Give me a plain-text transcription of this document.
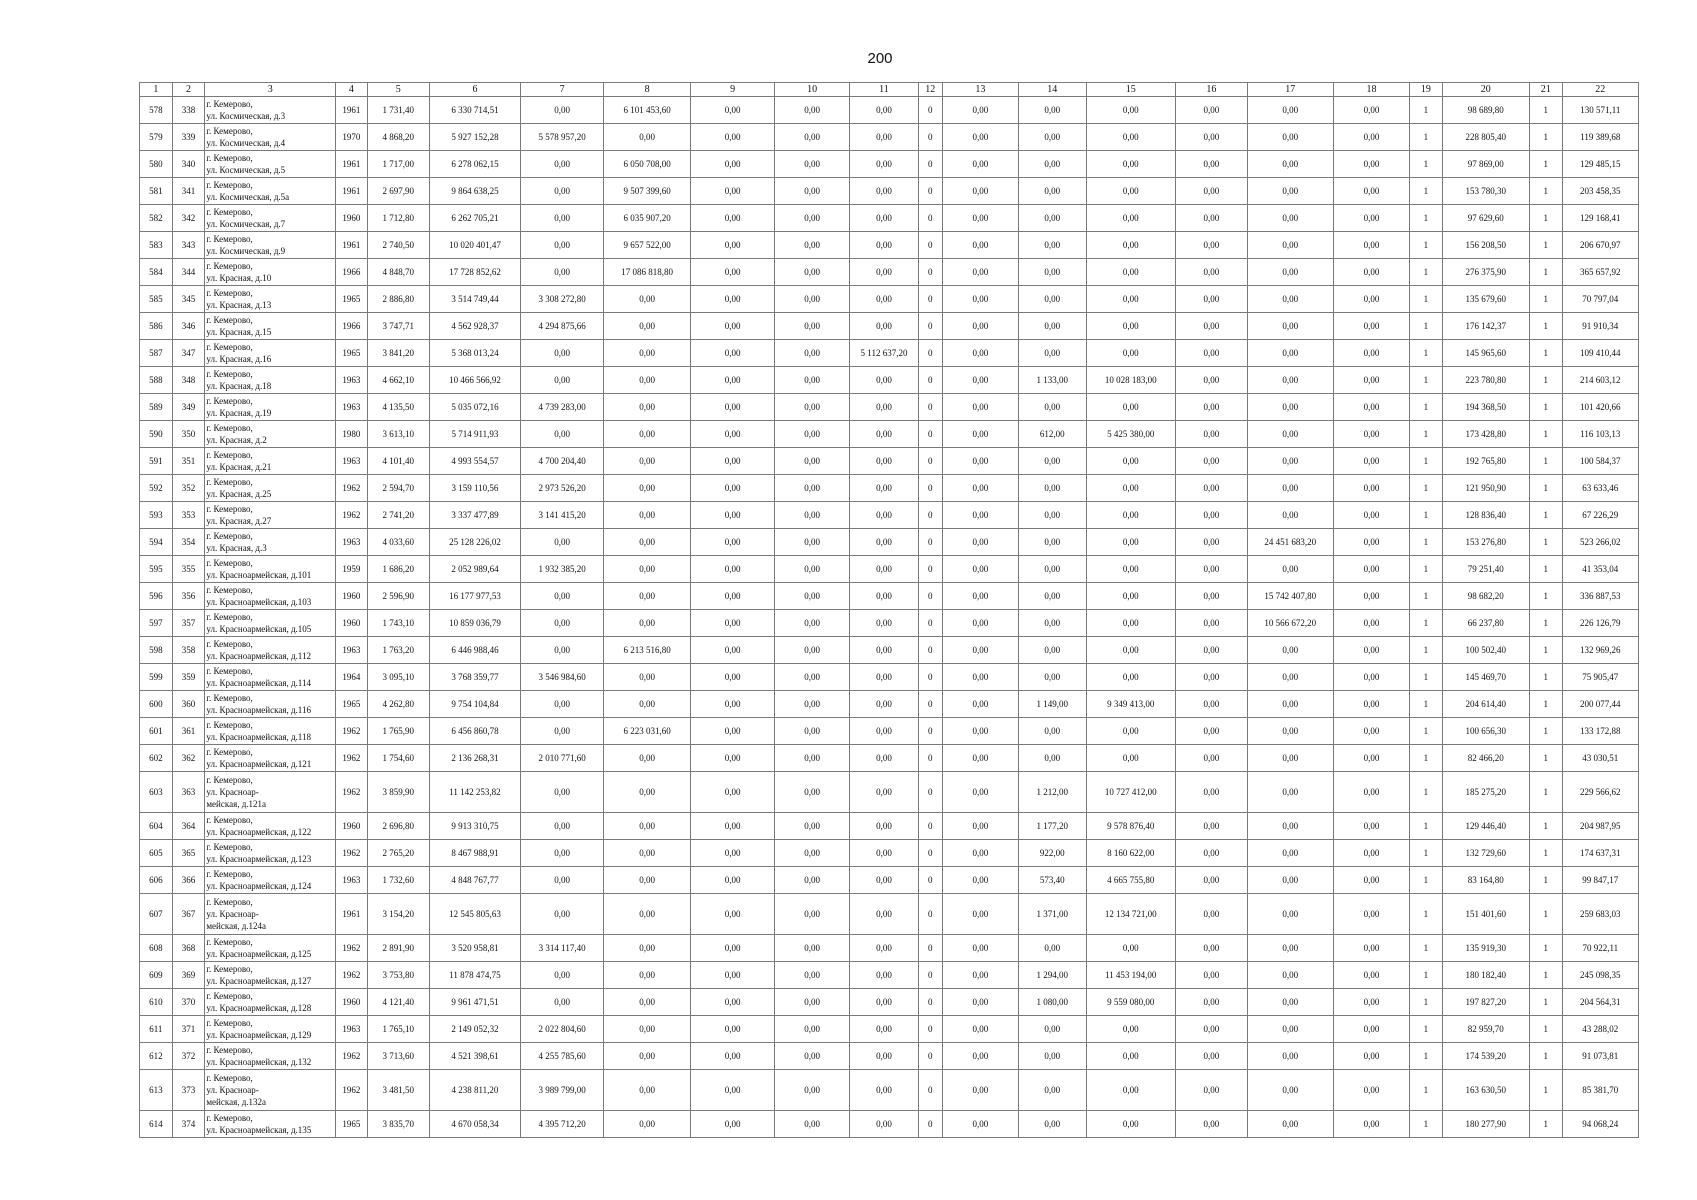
200
1	2	3	4	5	6	7	8	9	10	11	12	13	14	15	16	17	18	19	20	21	22
578	338	г. Кемерово,
ул. Космическая, д.3	1961	1 731,40	6 330 714,51	0,00	6 101 453,60	0,00	0,00	0,00	0	0,00	0,00	0,00	0,00	0,00	0,00	1	98 689,80	1	130 571,11
579	339	г. Кемерово,
ул. Космическая, д.4	1970	4 868,20	5 927 152,28	5 578 957,20	0,00	0,00	0,00	0,00	0	0,00	0,00	0,00	0,00	0,00	0,00	1	228 805,40	1	119 389,68
580	340	г. Кемерово,
ул. Космическая, д.5	1961	1 717,00	6 278 062,15	0,00	6 050 708,00	0,00	0,00	0,00	0	0,00	0,00	0,00	0,00	0,00	0,00	1	97 869,00	1	129 485,15
581	341	г. Кемерово,
ул. Космическая, д.5а	1961	2 697,90	9 864 638,25	0,00	9 507 399,60	0,00	0,00	0,00	0	0,00	0,00	0,00	0,00	0,00	0,00	1	153 780,30	1	203 458,35
582	342	г. Кемерово,
ул. Космическая, д.7	1960	1 712,80	6 262 705,21	0,00	6 035 907,20	0,00	0,00	0,00	0	0,00	0,00	0,00	0,00	0,00	0,00	1	97 629,60	1	129 168,41
583	343	г. Кемерово,
ул. Космическая, д.9	1961	2 740,50	10 020 401,47	0,00	9 657 522,00	0,00	0,00	0,00	0	0,00	0,00	0,00	0,00	0,00	0,00	1	156 208,50	1	206 670,97
584	344	г. Кемерово,
ул. Красная, д.10	1966	4 848,70	17 728 852,62	0,00	17 086 818,80	0,00	0,00	0,00	0	0,00	0,00	0,00	0,00	0,00	0,00	1	276 375,90	1	365 657,92
585	345	г. Кемерово,
ул. Красная, д.13	1965	2 886,80	3 514 749,44	3 308 272,80	0,00	0,00	0,00	0,00	0	0,00	0,00	0,00	0,00	0,00	0,00	1	135 679,60	1	70 797,04
586	346	г. Кемерово,
ул. Красная, д.15	1966	3 747,71	4 562 928,37	4 294 875,66	0,00	0,00	0,00	0,00	0	0,00	0,00	0,00	0,00	0,00	0,00	1	176 142,37	1	91 910,34
587	347	г. Кемерово,
ул. Красная, д.16	1965	3 841,20	5 368 013,24	0,00	0,00	0,00	0,00	5 112 637,20	0	0,00	0,00	0,00	0,00	0,00	0,00	1	145 965,60	1	109 410,44
588	348	г. Кемерово,
ул. Красная, д.18	1963	4 662,10	10 466 566,92	0,00	0,00	0,00	0,00	0,00	0	0,00	1 133,00	10 028 183,00	0,00	0,00	0,00	1	223 780,80	1	214 603,12
589	349	г. Кемерово,
ул. Красная, д.19	1963	4 135,50	5 035 072,16	4 739 283,00	0,00	0,00	0,00	0,00	0	0,00	0,00	0,00	0,00	0,00	0,00	1	194 368,50	1	101 420,66
590	350	г. Кемерово,
ул. Красная, д.2	1980	3 613,10	5 714 911,93	0,00	0,00	0,00	0,00	0,00	0	0,00	612,00	5 425 380,00	0,00	0,00	0,00	1	173 428,80	1	116 103,13
591	351	г. Кемерово,
ул. Красная, д.21	1963	4 101,40	4 993 554,57	4 700 204,40	0,00	0,00	0,00	0,00	0	0,00	0,00	0,00	0,00	0,00	0,00	1	192 765,80	1	100 584,37
592	352	г. Кемерово,
ул. Красная, д.25	1962	2 594,70	3 159 110,56	2 973 526,20	0,00	0,00	0,00	0,00	0	0,00	0,00	0,00	0,00	0,00	0,00	1	121 950,90	1	63 633,46
593	353	г. Кемерово,
ул. Красная, д.27	1962	2 741,20	3 337 477,89	3 141 415,20	0,00	0,00	0,00	0,00	0	0,00	0,00	0,00	0,00	0,00	0,00	1	128 836,40	1	67 226,29
594	354	г. Кемерово,
ул. Красная, д.3	1963	4 033,60	25 128 226,02	0,00	0,00	0,00	0,00	0,00	0	0,00	0,00	0,00	0,00	24 451 683,20	0,00	1	153 276,80	1	523 266,02
595	355	г. Кемерово,
ул. Красноармейская, д.101	1959	1 686,20	2 052 989,64	1 932 385,20	0,00	0,00	0,00	0,00	0	0,00	0,00	0,00	0,00	0,00	0,00	1	79 251,40	1	41 353,04
596	356	г. Кемерово,
ул. Красноармейская, д.103	1960	2 596,90	16 177 977,53	0,00	0,00	0,00	0,00	0,00	0	0,00	0,00	0,00	0,00	15 742 407,80	0,00	1	98 682,20	1	336 887,53
597	357	г. Кемерово,
ул. Красноармейская, д.105	1960	1 743,10	10 859 036,79	0,00	0,00	0,00	0,00	0,00	0	0,00	0,00	0,00	0,00	10 566 672,20	0,00	1	66 237,80	1	226 126,79
598	358	г. Кемерово,
ул. Красноармейская, д.112	1963	1 763,20	6 446 988,46	0,00	6 213 516,80	0,00	0,00	0,00	0	0,00	0,00	0,00	0,00	0,00	0,00	1	100 502,40	1	132 969,26
599	359	г. Кемерово,
ул. Красноармейская, д.114	1964	3 095,10	3 768 359,77	3 546 984,60	0,00	0,00	0,00	0,00	0	0,00	0,00	0,00	0,00	0,00	0,00	1	145 469,70	1	75 905,47
600	360	г. Кемерово,
ул. Красноармейская, д.116	1965	4 262,80	9 754 104,84	0,00	0,00	0,00	0,00	0,00	0	0,00	1 149,00	9 349 413,00	0,00	0,00	0,00	1	204 614,40	1	200 077,44
601	361	г. Кемерово,
ул. Красноармейская, д.118	1962	1 765,90	6 456 860,78	0,00	6 223 031,60	0,00	0,00	0,00	0	0,00	0,00	0,00	0,00	0,00	0,00	1	100 656,30	1	133 172,88
602	362	г. Кемерово,
ул. Красноармейская, д.121	1962	1 754,60	2 136 268,31	2 010 771,60	0,00	0,00	0,00	0,00	0	0,00	0,00	0,00	0,00	0,00	0,00	1	82 466,20	1	43 030,51
603	363	г. Кемерово,
ул. Красноар-
мейская, д.121а	1962	3 859,90	11 142 253,82	0,00	0,00	0,00	0,00	0,00	0	0,00	1 212,00	10 727 412,00	0,00	0,00	0,00	1	185 275,20	1	229 566,62
604	364	г. Кемерово,
ул. Красноармейская, д.122	1960	2 696,80	9 913 310,75	0,00	0,00	0,00	0,00	0,00	0	0,00	1 177,20	9 578 876,40	0,00	0,00	0,00	1	129 446,40	1	204 987,95
605	365	г. Кемерово,
ул. Красноармейская, д.123	1962	2 765,20	8 467 988,91	0,00	0,00	0,00	0,00	0,00	0	0,00	922,00	8 160 622,00	0,00	0,00	0,00	1	132 729,60	1	174 637,31
606	366	г. Кемерово,
ул. Красноармейская, д.124	1963	1 732,60	4 848 767,77	0,00	0,00	0,00	0,00	0,00	0	0,00	573,40	4 665 755,80	0,00	0,00	0,00	1	83 164,80	1	99 847,17
607	367	г. Кемерово,
ул. Красноар-
мейская, д.124а	1961	3 154,20	12 545 805,63	0,00	0,00	0,00	0,00	0,00	0	0,00	1 371,00	12 134 721,00	0,00	0,00	0,00	1	151 401,60	1	259 683,03
608	368	г. Кемерово,
ул. Красноармейская, д.125	1962	2 891,90	3 520 958,81	3 314 117,40	0,00	0,00	0,00	0,00	0	0,00	0,00	0,00	0,00	0,00	0,00	1	135 919,30	1	70 922,11
609	369	г. Кемерово,
ул. Красноармейская, д.127	1962	3 753,80	11 878 474,75	0,00	0,00	0,00	0,00	0,00	0	0,00	1 294,00	11 453 194,00	0,00	0,00	0,00	1	180 182,40	1	245 098,35
610	370	г. Кемерово,
ул. Красноармейская, д.128	1960	4 121,40	9 961 471,51	0,00	0,00	0,00	0,00	0,00	0	0,00	1 080,00	9 559 080,00	0,00	0,00	0,00	1	197 827,20	1	204 564,31
611	371	г. Кемерово,
ул. Красноармейская, д.129	1963	1 765,10	2 149 052,32	2 022 804,60	0,00	0,00	0,00	0,00	0	0,00	0,00	0,00	0,00	0,00	0,00	1	82 959,70	1	43 288,02
612	372	г. Кемерово,
ул. Красноармейская, д.132	1962	3 713,60	4 521 398,61	4 255 785,60	0,00	0,00	0,00	0,00	0	0,00	0,00	0,00	0,00	0,00	0,00	1	174 539,20	1	91 073,81
613	373	г. Кемерово,
ул. Красноар-
мейская, д.132а	1962	3 481,50	4 238 811,20	3 989 799,00	0,00	0,00	0,00	0,00	0	0,00	0,00	0,00	0,00	0,00	0,00	1	163 630,50	1	85 381,70
614	374	г. Кемерово,
ул. Красноармейская, д.135	1965	3 835,70	4 670 058,34	4 395 712,20	0,00	0,00	0,00	0,00	0	0,00	0,00	0,00	0,00	0,00	0,00	1	180 277,90	1	94 068,24
